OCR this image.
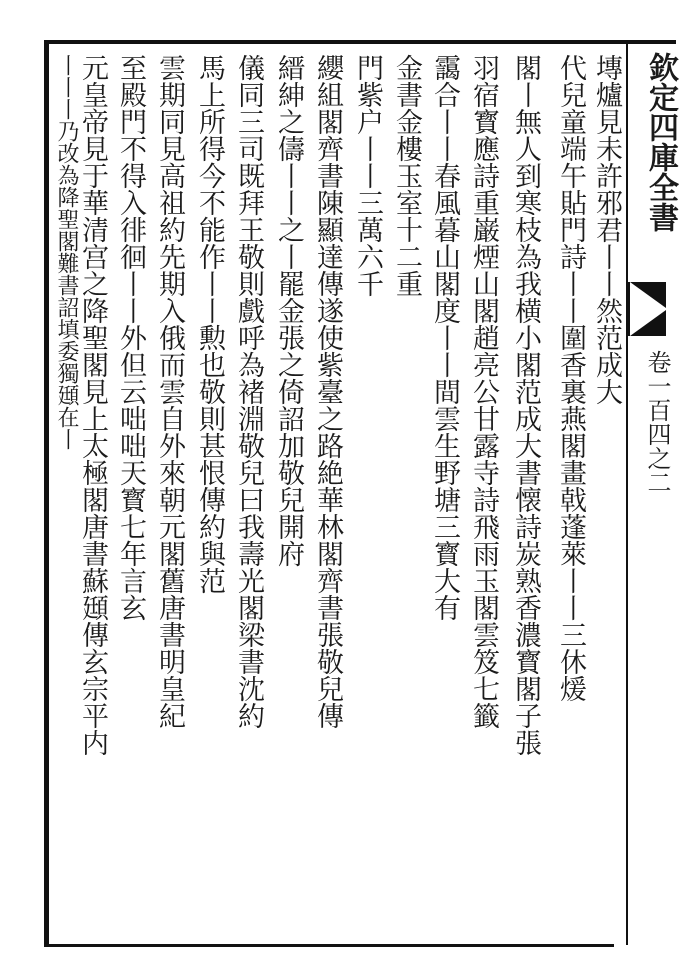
欽定四庫全書
卷一百四之二
塼爐見未許邪君丨丨然范成大
代兒童端午貼門詩丨丨圍香裏燕閣畫戟蓬萊丨丨三休煖
閣丨無人到寒枝為我横小閣范成大書懐詩炭熟香濃寳閣子張
羽宿寳應詩重巌煙山閣趙亮公甘露寺詩飛雨玉閣雲笈七籤
靄合丨丨春風暮山閣度丨丨間雲生野塘三寳大有
金書金樓玉室十二重
門紫户丨丨三萬六千
纓組閣齊書陳顯達傳遂使紫臺之路絶華林閣齊書張敬兒傳
縉紳之儔丨丨之丨罷金張之倚詔加敬兒開府
儀同三司既拜王敬則戲呼為褚淵敬兒曰我壽光閣梁書沈約
馬上所得今不能作丨丨勲也敬則甚恨傳約與范
雲期同見高祖約先期入俄而雲自外來朝元閣舊唐書明皇紀
至殿門不得入徘徊丨丨外但云咄咄天寳七年言玄
元皇帝見于華清宫之降聖閣見上太極閣唐書蘇頲傳玄宗平内
丨丨丨乃改為降聖閣難書詔填委獨頲在丨
